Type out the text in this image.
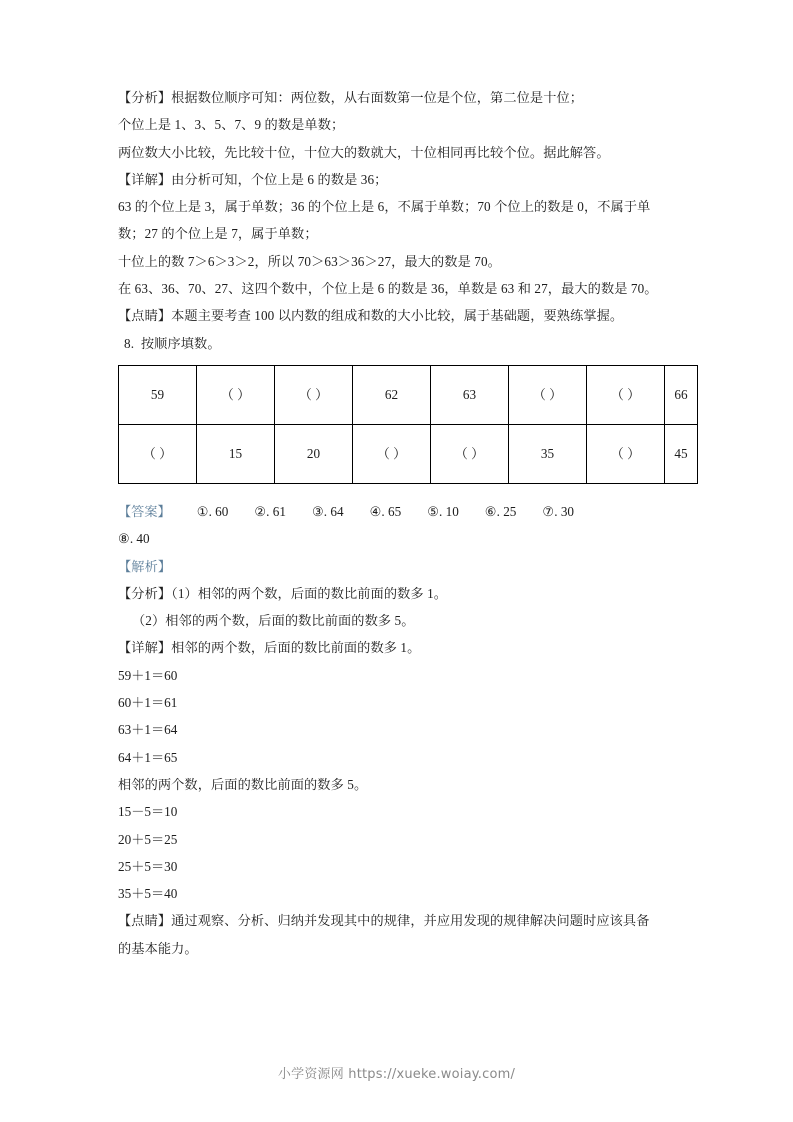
【分析】根据数位顺序可知：两位数，从右面数第一位是个位，第二位是十位；
个位上是 1、3、5、7、9 的数是单数；
两位数大小比较，先比较十位，十位大的数就大，十位相同再比较个位。据此解答。
【详解】由分析可知，个位上是 6 的数是 36；
63 的个位上是 3，属于单数；36 的个位上是 6，不属于单数；70 个位上的数是 0，不属于单
数；27 的个位上是 7，属于单数；
十位上的数 7＞6＞3＞2，所以 70＞63＞36＞27，最大的数是 70。
在 63、36、70、27、这四个数中，个位上是 6 的数是 36，单数是 63 和 27，最大的数是 70。
【点睛】本题主要考查 100 以内数的组成和数的大小比较，属于基础题，要熟练掌握。
8. 按顺序填数。
59	（ ）	（ ）	62	63	（ ）	（ ）	66
（ ）	15	20	（ ）	（ ）	35	（ ）	45
【答案】 ①. 60 ②. 61 ③. 64 ④. 65 ⑤. 10 ⑥. 25 ⑦. 30
⑧. 40
【解析】
【分析】（1）相邻的两个数，后面的数比前面的数多 1。
（2）相邻的两个数，后面的数比前面的数多 5。
【详解】相邻的两个数，后面的数比前面的数多 1。
59＋1＝60
60＋1＝61
63＋1＝64
64＋1＝65
相邻的两个数，后面的数比前面的数多 5。
15－5＝10
20＋5＝25
25＋5＝30
35＋5＝40
【点睛】通过观察、分析、归纳并发现其中的规律，并应用发现的规律解决问题时应该具备
的基本能力。
小学资源网 https://xueke.woiay.com/
